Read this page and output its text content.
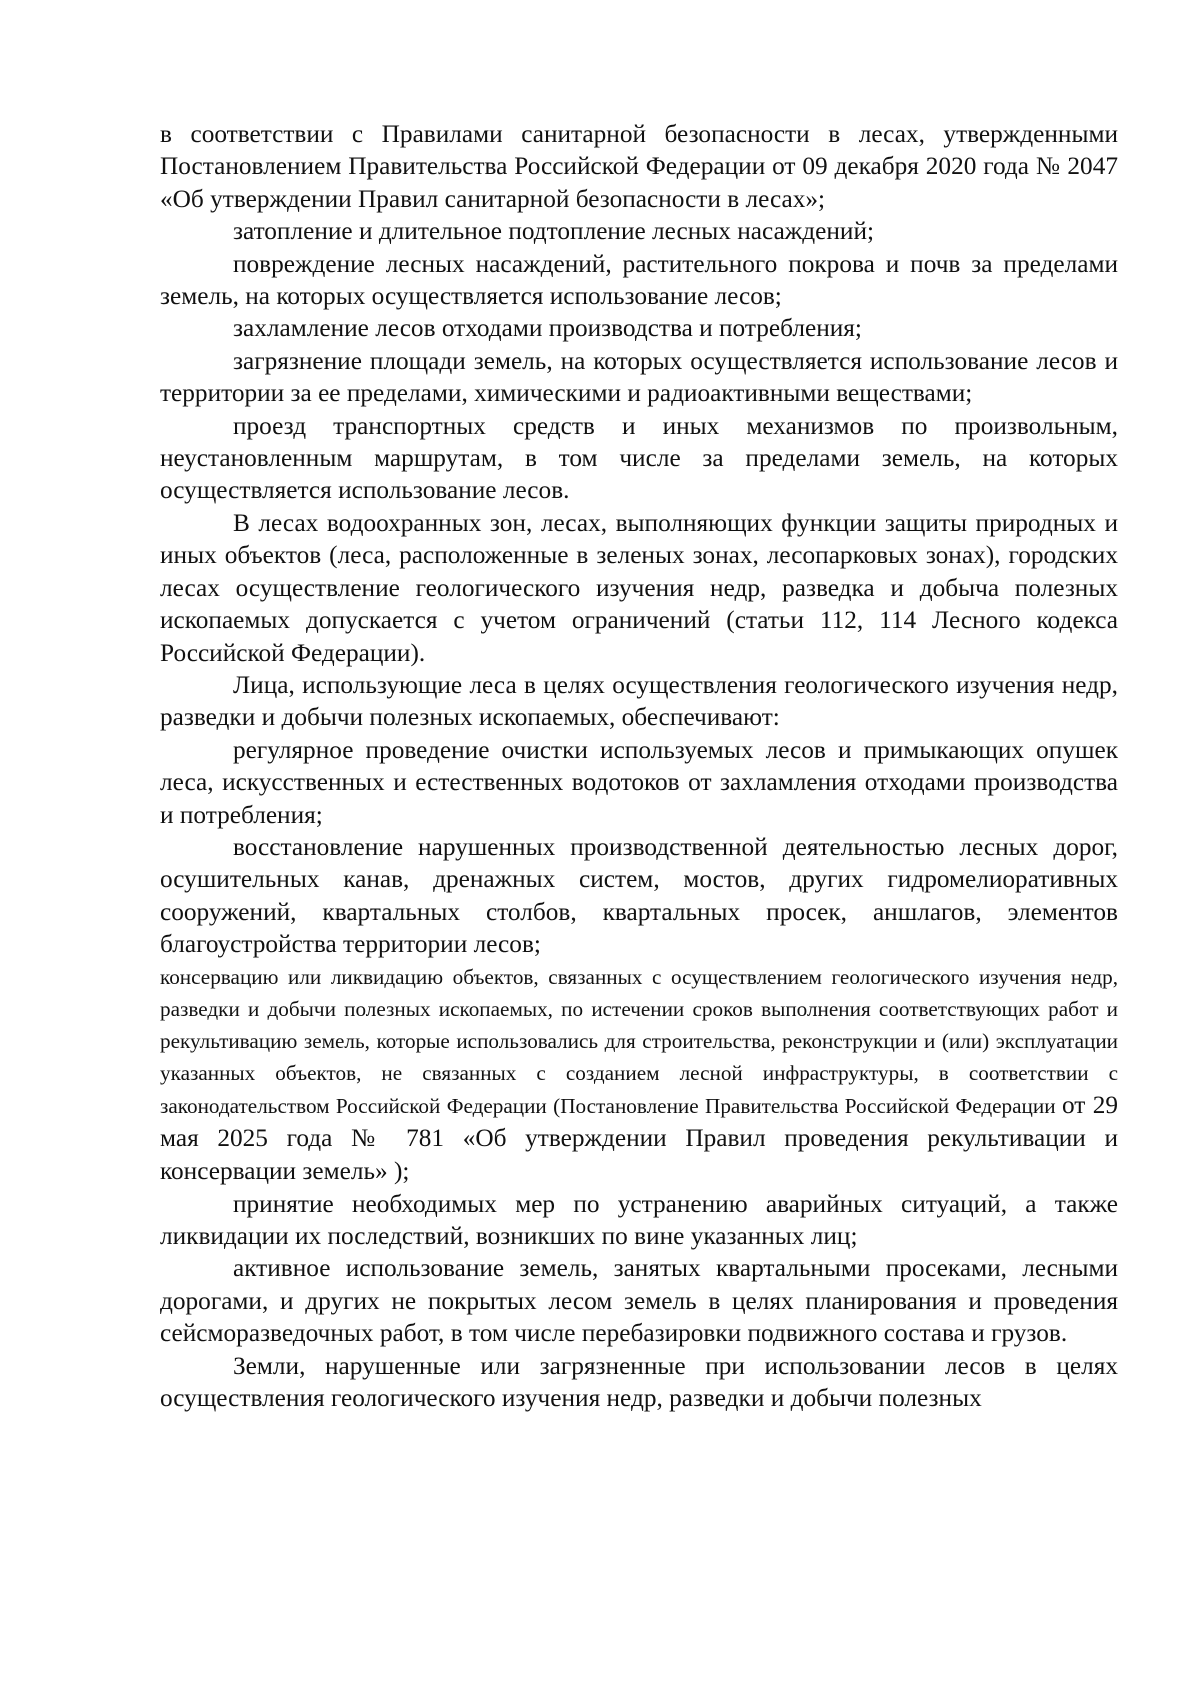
в соответствии с Правилами санитарной безопасности в лесах, утвержденными Постановлением Правительства Российской Федерации от 09 декабря 2020 года № 2047 «Об утверждении Правил санитарной безопасности в лесах»;

затопление и длительное подтопление лесных насаждений;

повреждение лесных насаждений, растительного покрова и почв за пределами земель, на которых осуществляется использование лесов;

захламление лесов отходами производства и потребления;

загрязнение площади земель, на которых осуществляется использование лесов и территории за ее пределами, химическими и радиоактивными веществами;

проезд транспортных средств и иных механизмов по произвольным, неустановленным маршрутам, в том числе за пределами земель, на которых осуществляется использование лесов.

В лесах водоохранных зон, лесах, выполняющих функции защиты природных и иных объектов (леса, расположенные в зеленых зонах, лесопарковых зонах), городских лесах осуществление геологического изучения недр, разведка и добыча полезных ископаемых допускается с учетом ограничений (статьи 112, 114 Лесного кодекса Российской Федерации).

Лица, использующие леса в целях осуществления геологического изучения недр, разведки и добычи полезных ископаемых, обеспечивают:

регулярное проведение очистки используемых лесов и примыкающих опушек леса, искусственных и естественных водотоков от захламления отходами производства и потребления;

восстановление нарушенных производственной деятельностью лесных дорог, осушительных канав, дренажных систем, мостов, других гидромелиоративных сооружений, квартальных столбов, квартальных просек, аншлагов, элементов благоустройства территории лесов;

консервацию или ликвидацию объектов, связанных с осуществлением геологического изучения недр, разведки и добычи полезных ископаемых, по истечении сроков выполнения соответствующих работ и рекультивацию земель, которые использовались для строительства, реконструкции и (или) эксплуатации указанных объектов, не связанных с созданием лесной инфраструктуры, в соответствии с законодательством Российской Федерации (Постановление Правительства Российской Федерации от 29 мая 2025 года № 781 «Об утверждении Правил проведения рекультивации и консервации земель» );

принятие необходимых мер по устранению аварийных ситуаций, а также ликвидации их последствий, возникших по вине указанных лиц;

активное использование земель, занятых квартальными просеками, лесными дорогами, и других не покрытых лесом земель в целях планирования и проведения сейсморазведочных работ, в том числе перебазировки подвижного состава и грузов.

Земли, нарушенные или загрязненные при использовании лесов в целях осуществления геологического изучения недр, разведки и добычи полезных
